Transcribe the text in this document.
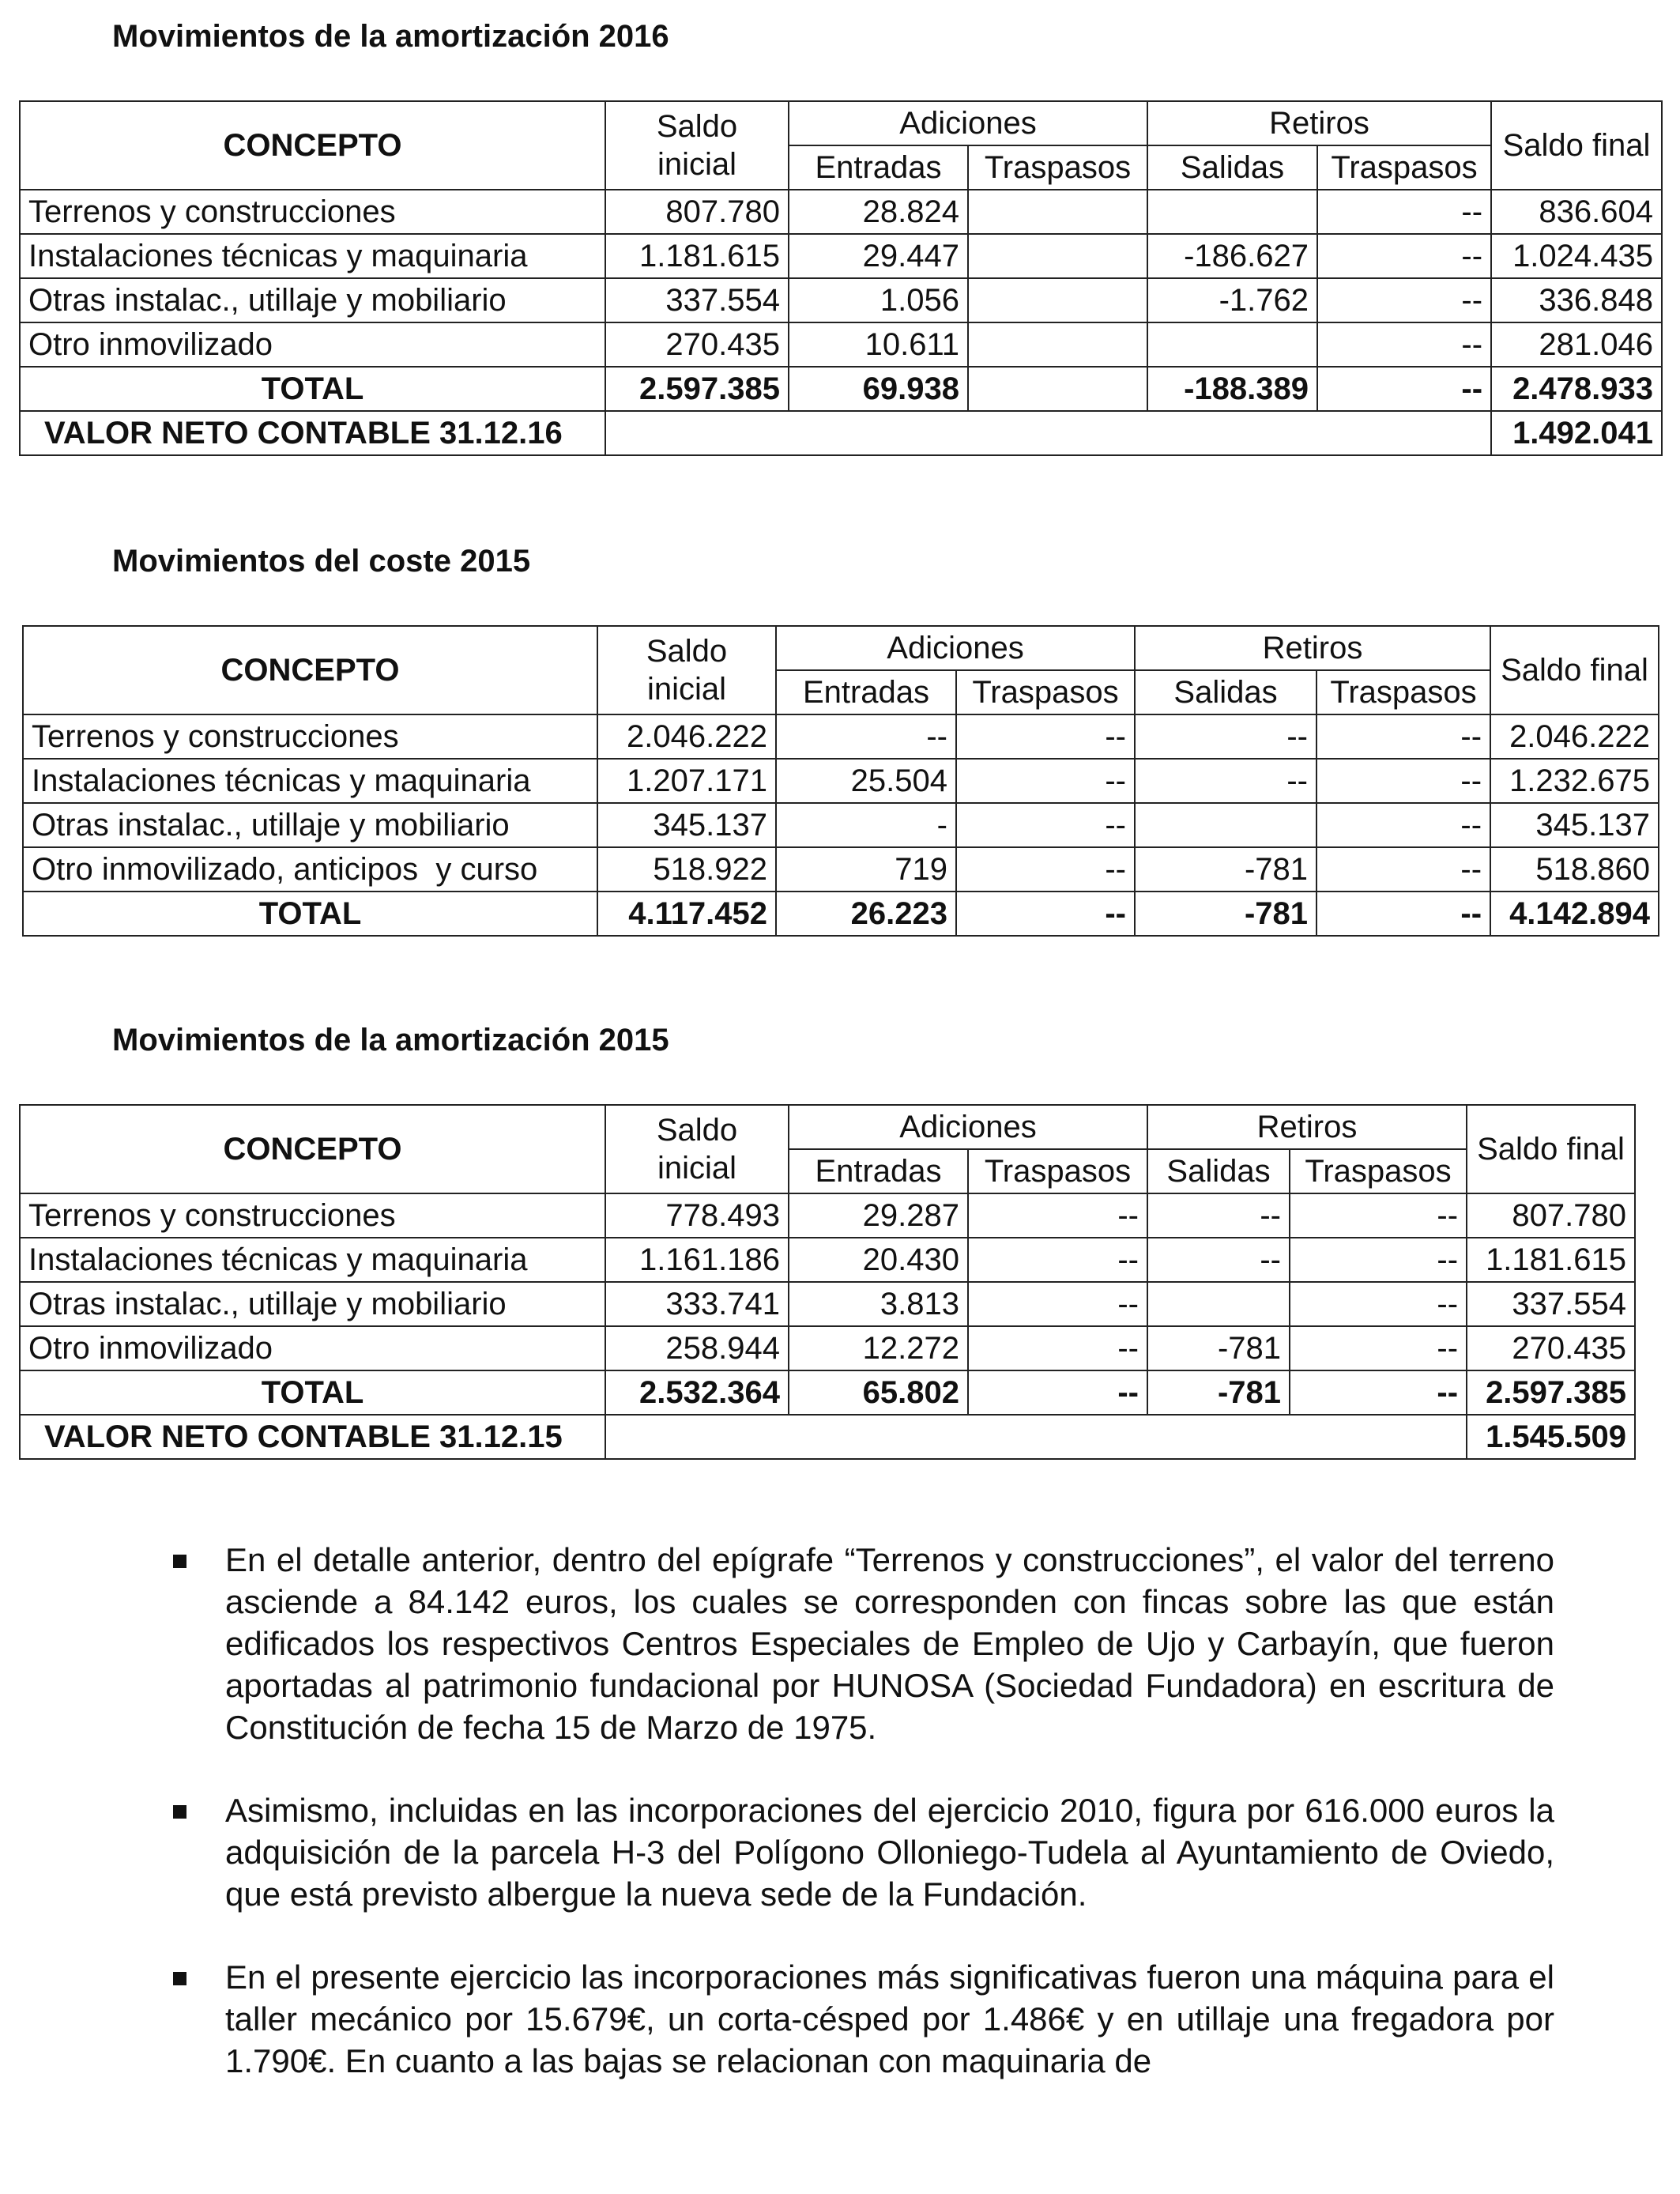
Movimientos de la amortización 2016
CONCEPTO	Saldo inicial	Adiciones		Retiros		Saldo final
		Entradas	Traspasos	Salidas	Traspasos	
Terrenos y construcciones	807.780	28.824			--	836.604
Instalaciones técnicas y maquinaria	1.181.615	29.447		-186.627	--	1.024.435
Otras instalac., utillaje y mobiliario	337.554	1.056		-1.762	--	336.848
Otro inmovilizado	270.435	10.611			--	281.046
TOTAL	2.597.385	69.938		-188.389	--	2.478.933
VALOR NETO CONTABLE 31.12.16						1.492.041
Movimientos del coste 2015
CONCEPTO	Saldo inicial	Adiciones		Retiros		Saldo final
		Entradas	Traspasos	Salidas	Traspasos	
Terrenos y construcciones	2.046.222	--	--	--	--	2.046.222
Instalaciones técnicas y maquinaria	1.207.171	25.504	--	--	--	1.232.675
Otras instalac., utillaje y mobiliario	345.137	-	--		--	345.137
Otro inmovilizado, anticipos  y curso	518.922	719	--	-781	--	518.860
TOTAL	4.117.452	26.223	--	-781	--	4.142.894
Movimientos de la amortización 2015
CONCEPTO	Saldo inicial	Adiciones		Retiros		Saldo final
		Entradas	Traspasos	Salidas	Traspasos	
Terrenos y construcciones	778.493	29.287	--	--	--	807.780
Instalaciones técnicas y maquinaria	1.161.186	20.430	--	--	--	1.181.615
Otras instalac., utillaje y mobiliario	333.741	3.813	--		--	337.554
Otro inmovilizado	258.944	12.272	--	-781	--	270.435
TOTAL	2.532.364	65.802	--	-781	--	2.597.385
VALOR NETO CONTABLE 31.12.15						1.545.509
En el detalle anterior, dentro del epígrafe “Terrenos y construcciones”, el valor del terreno asciende a 84.142 euros, los cuales se corresponden con fincas sobre las que están edificados los respectivos Centros Especiales de Empleo de Ujo y Carbayín, que fueron aportadas al patrimonio fundacional por HUNOSA (Sociedad Fundadora) en escritura de Constitución de fecha 15 de Marzo de 1975.
Asimismo, incluidas en las incorporaciones del ejercicio 2010, figura por 616.000 euros la adquisición de la parcela H-3 del Polígono Olloniego-Tudela al Ayuntamiento de Oviedo, que está previsto albergue la nueva sede de la Fundación.
En el presente ejercicio las incorporaciones más significativas fueron una máquina para el taller mecánico por 15.679€, un corta-césped por 1.486€ y en utillaje una fregadora por 1.790€. En cuanto a las bajas se relacionan con maquinaria de
